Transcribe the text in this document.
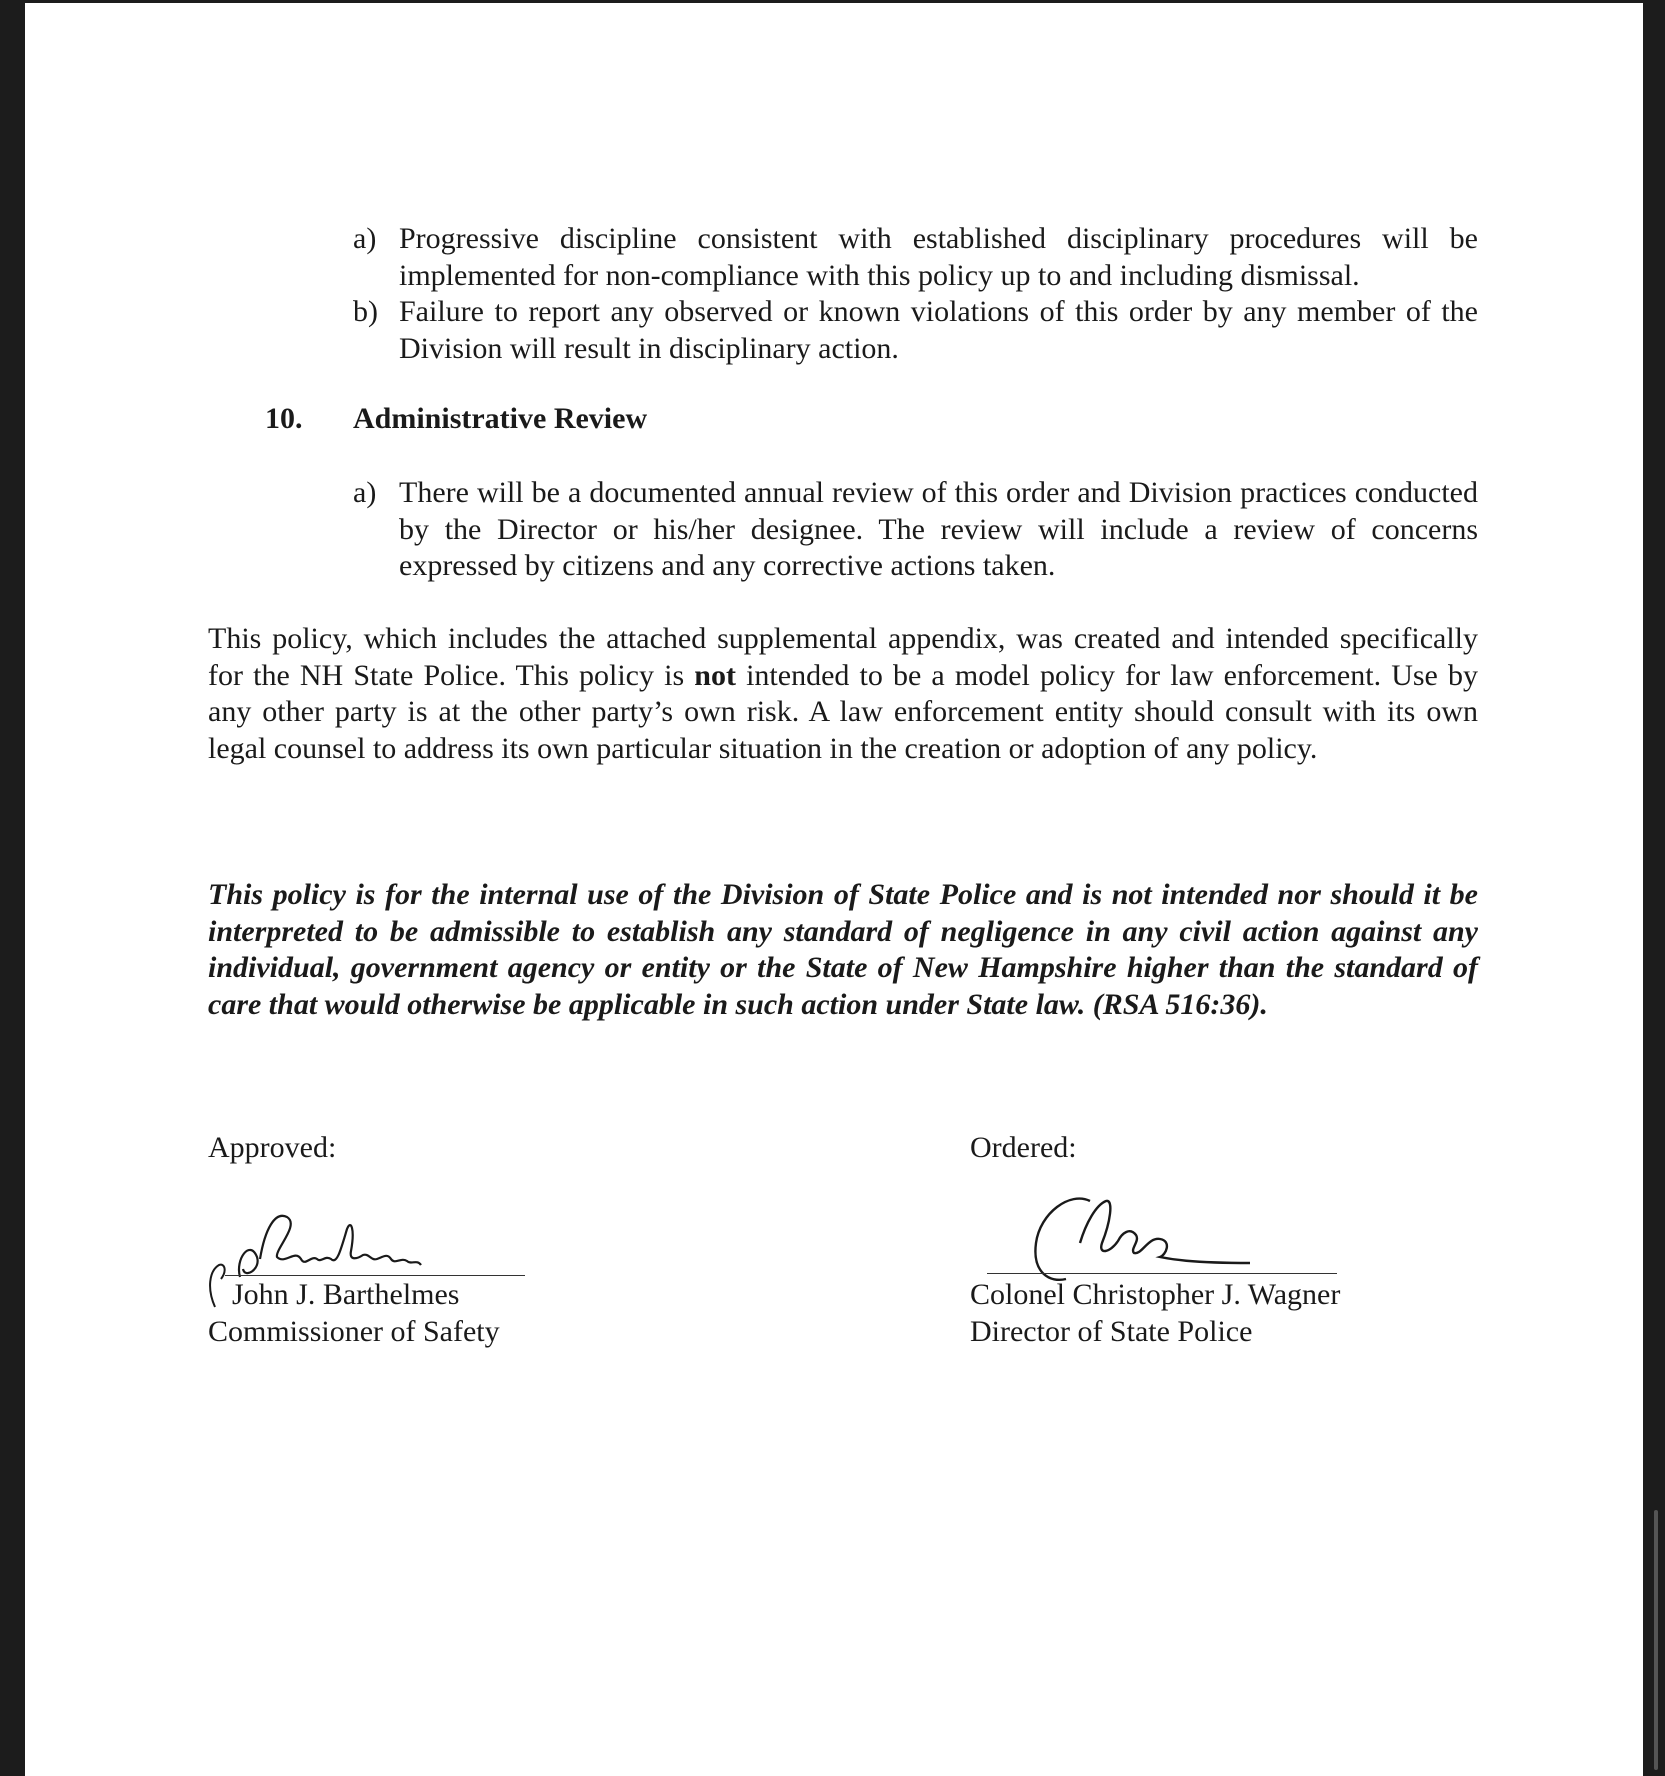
a) Progressive discipline consistent with established disciplinary procedures will be implemented for non-compliance with this policy up to and including dismissal.
b) Failure to report any observed or known violations of this order by any member of the Division will result in disciplinary action.
10. Administrative Review
a) There will be a documented annual review of this order and Division practices conducted by the Director or his/her designee. The review will include a review of concerns expressed by citizens and any corrective actions taken.
This policy, which includes the attached supplemental appendix, was created and intended specifically for the NH State Police. This policy is not intended to be a model policy for law enforcement. Use by any other party is at the other party’s own risk. A law enforcement entity should consult with its own legal counsel to address its own particular situation in the creation or adoption of any policy.
This policy is for the internal use of the Division of State Police and is not intended nor should it be interpreted to be admissible to establish any standard of negligence in any civil action against any individual, government agency or entity or the State of New Hampshire higher than the standard of care that would otherwise be applicable in such action under State law. (RSA 516:36).
Approved:
John J. Barthelmes
Commissioner of Safety
Ordered:
Colonel Christopher J. Wagner
Director of State Police
